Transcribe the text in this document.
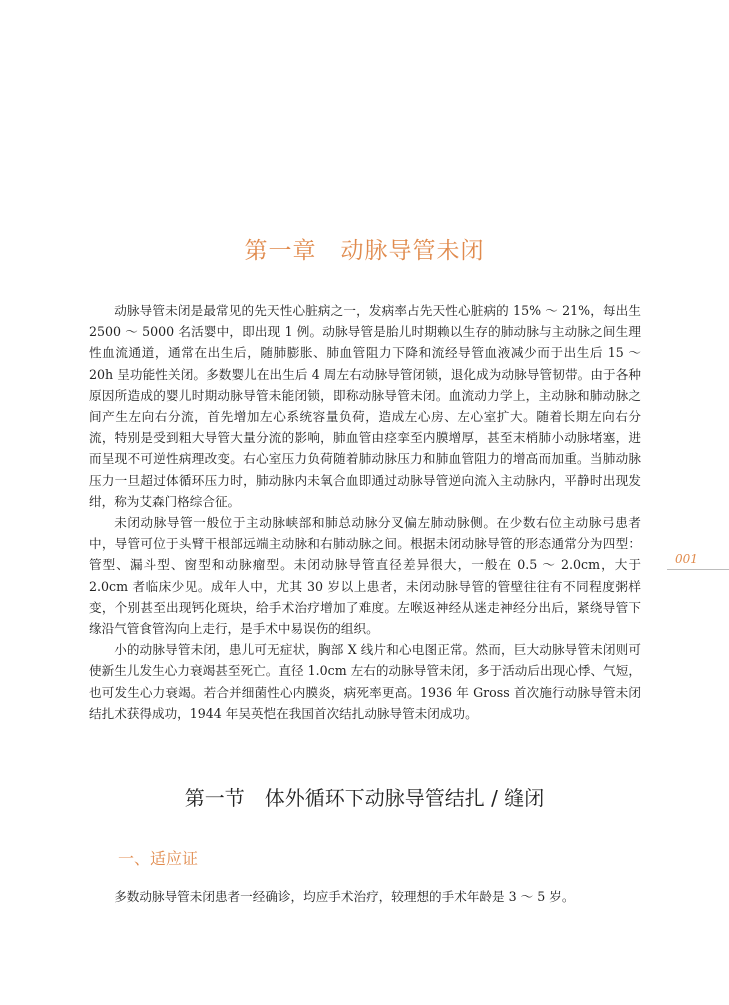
第一章　动脉导管未闭

动脉导管未闭是最常见的先天性心脏病之一，发病率占先天性心脏病的 15% ～ 21%，每出生 2500 ～ 5000 名活婴中，即出现 1 例。动脉导管是胎儿时期赖以生存的肺动脉与主动脉之间生理性血流通道，通常在出生后，随肺膨胀、肺血管阻力下降和流经导管血液减少而于出生后 15 ～ 20h 呈功能性关闭。多数婴儿在出生后 4 周左右动脉导管闭锁，退化成为动脉导管韧带。由于各种原因所造成的婴儿时期动脉导管未能闭锁，即称动脉导管未闭。血流动力学上，主动脉和肺动脉之间产生左向右分流，首先增加左心系统容量负荷，造成左心房、左心室扩大。随着长期左向右分流，特别是受到粗大导管大量分流的影响，肺血管由痉挛至内膜增厚，甚至末梢肺小动脉堵塞，进而呈现不可逆性病理改变。右心室压力负荷随着肺动脉压力和肺血管阻力的增高而加重。当肺动脉压力一旦超过体循环压力时，肺动脉内未氧合血即通过动脉导管逆向流入主动脉内，平静时出现发绀，称为艾森门格综合征。

未闭动脉导管一般位于主动脉峡部和肺总动脉分叉偏左肺动脉侧。在少数右位主动脉弓患者中，导管可位于头臂干根部远端主动脉和右肺动脉之间。根据未闭动脉导管的形态通常分为四型：管型、漏斗型、窗型和动脉瘤型。未闭动脉导管直径差异很大，一般在 0.5 ～ 2.0cm，大于 2.0cm 者临床少见。成年人中，尤其 30 岁以上患者，未闭动脉导管的管壁往往有不同程度粥样变，个别甚至出现钙化斑块，给手术治疗增加了难度。左喉返神经从迷走神经分出后，紧绕导管下缘沿气管食管沟向上走行，是手术中易误伤的组织。

小的动脉导管未闭，患儿可无症状，胸部 X 线片和心电图正常。然而，巨大动脉导管未闭则可使新生儿发生心力衰竭甚至死亡。直径 1.0cm 左右的动脉导管未闭，多于活动后出现心悸、气短，也可发生心力衰竭。若合并细菌性心内膜炎，病死率更高。1936 年 Gross 首次施行动脉导管未闭结扎术获得成功，1944 年吴英恺在我国首次结扎动脉导管未闭成功。

001
第一节　体外循环下动脉导管结扎 / 缝闭
一、适应证

多数动脉导管未闭患者一经确诊，均应手术治疗，较理想的手术年龄是 3 ～ 5 岁。
